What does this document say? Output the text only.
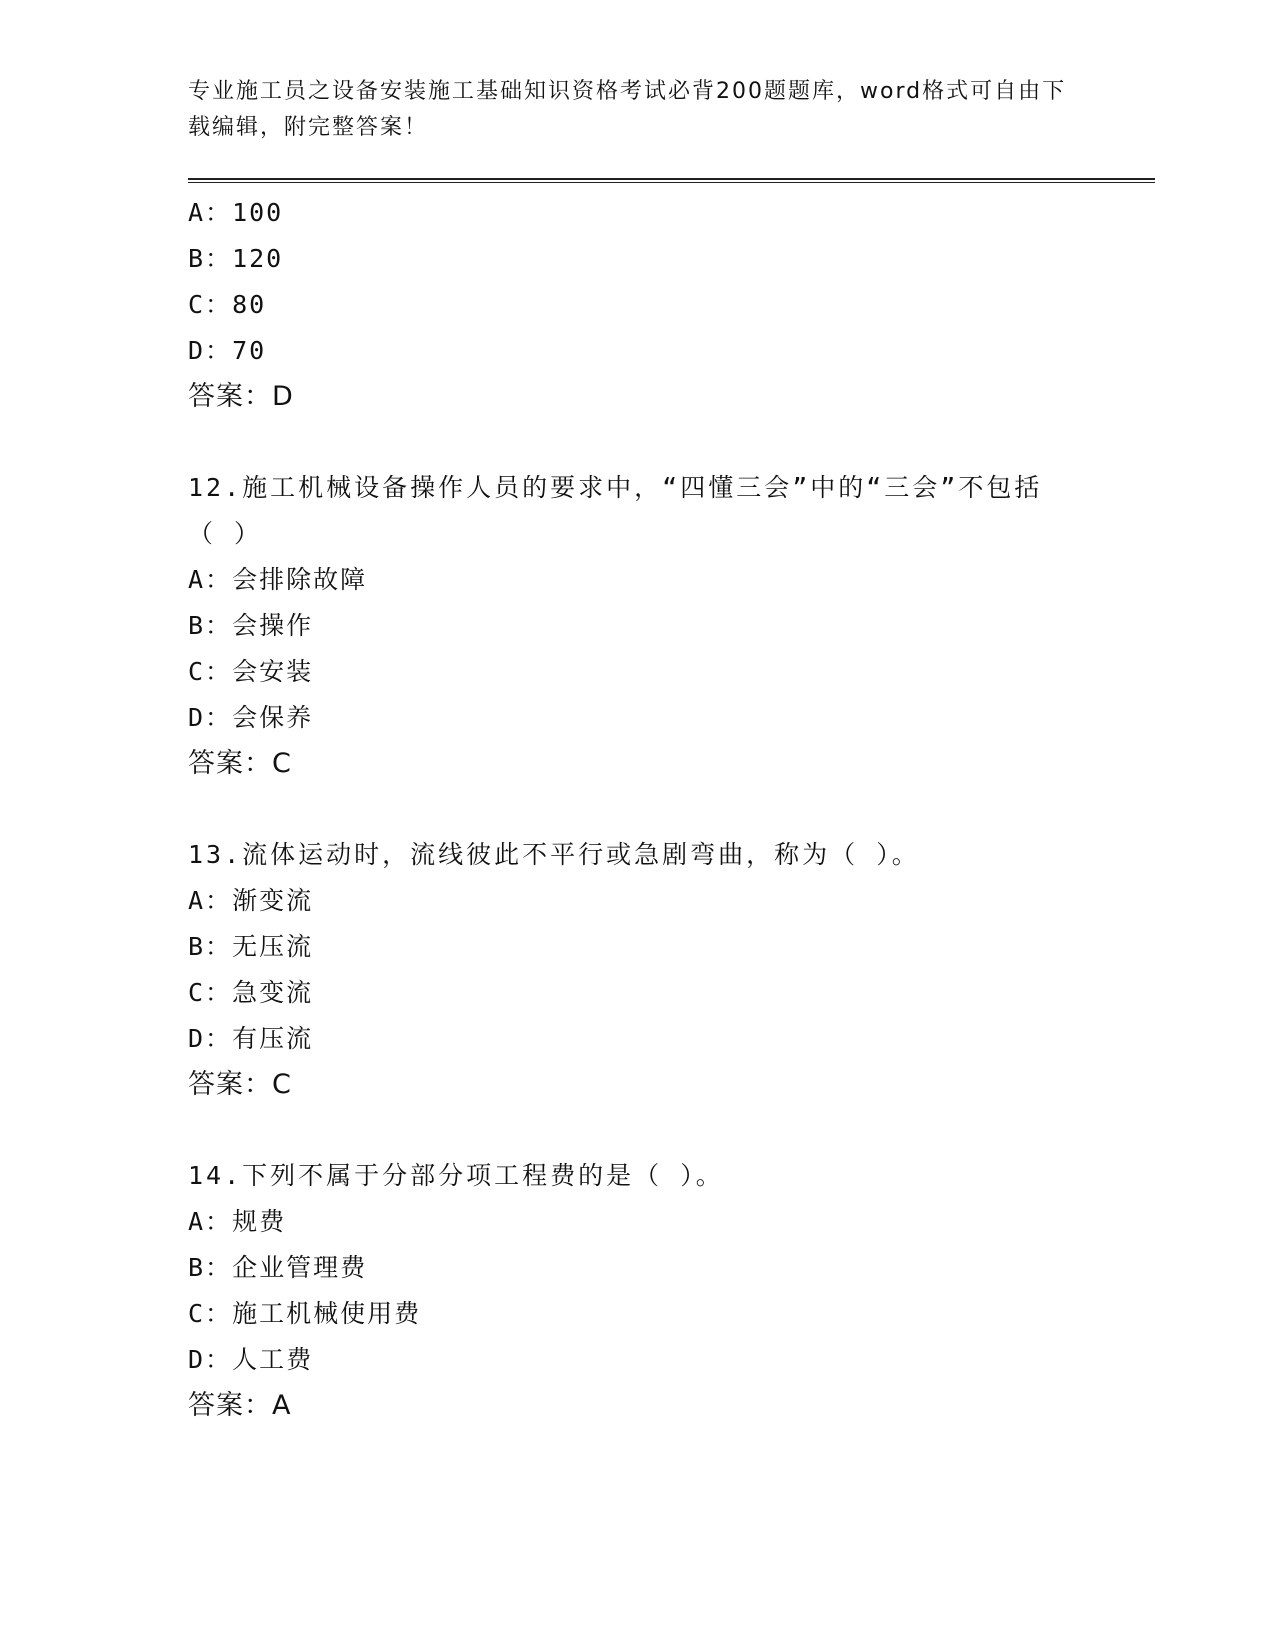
专业施工员之设备安装施工基础知识资格考试必背200题题库，word格式可自由下载编辑，附完整答案！
A：100
B：120
C：80
D：70
答案：D
12.施工机械设备操作人员的要求中，“四懂三会”中的“三会”不包括（ ）
A：会排除故障
B：会操作
C：会安装
D：会保养
答案：C
13.流体运动时，流线彼此不平行或急剧弯曲，称为（ ）。
A：渐变流
B：无压流
C：急变流
D：有压流
答案：C
14.下列不属于分部分项工程费的是（ ）。
A：规费
B：企业管理费
C：施工机械使用费
D：人工费
答案：A
